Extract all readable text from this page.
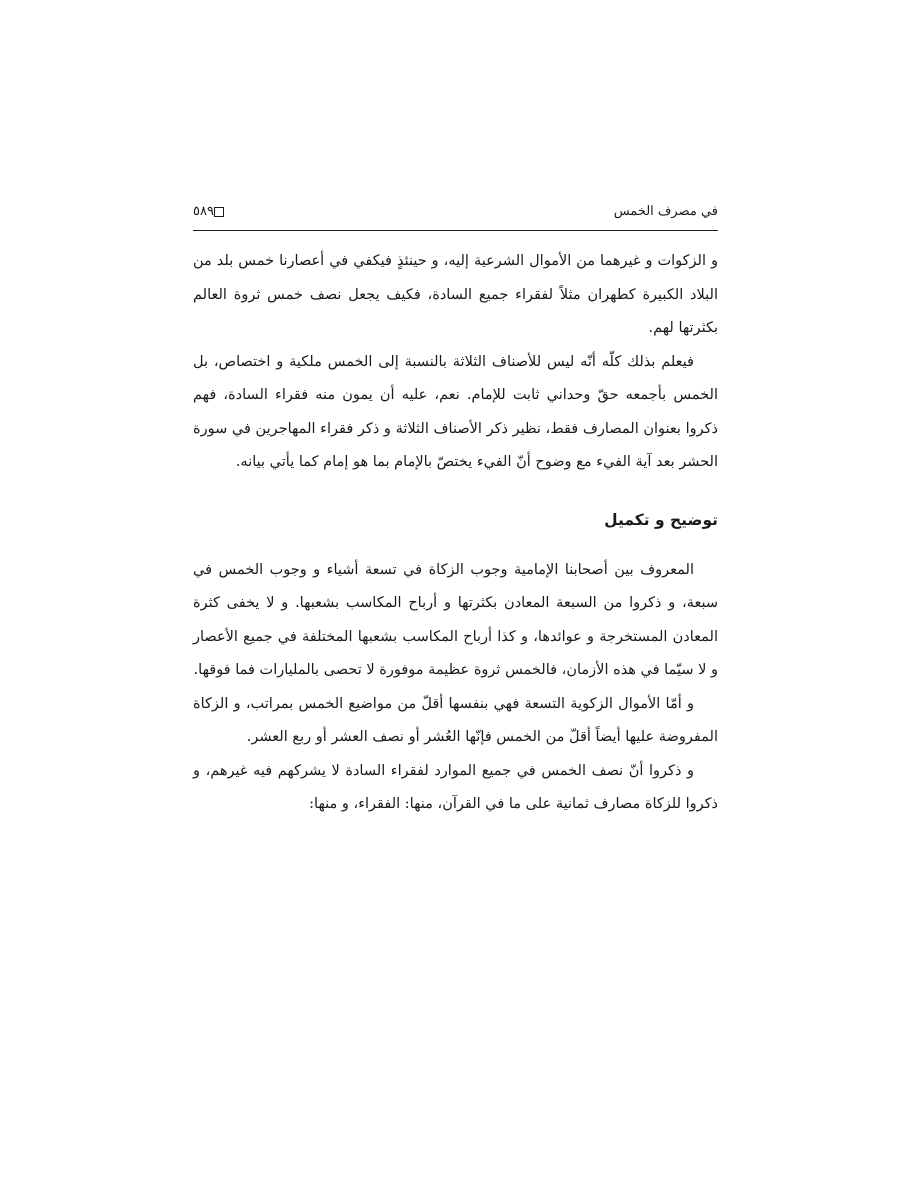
في مصرف الخمس
٥٨٩

و الزكوات و غيرهما من الأموال الشرعية إليه، و حينئذٍ فيكفي في أعصارنا خمس بلد من البلاد الكبيرة كطهران مثلاً لفقراء جميع السادة، فكيف يجعل نصف خمس ثروة العالم بكثرتها لهم.

فيعلم بذلك كلّه أنّه ليس للأصناف الثلاثة بالنسبة إلى الخمس ملكية و اختصاص، بل الخمس بأجمعه حقّ وحداني ثابت للإمام. نعم، عليه أن يمون منه فقراء السادة، فهم ذكروا بعنوان المصارف فقط، نظير ذكر الأصناف الثلاثة و ذكر فقراء المهاجرين في سورة الحشر بعد آية الفيء مع وضوح أنّ الفيء يختصّ بالإمام بما هو إمام كما يأتي بيانه.

توضيح و تكميل

المعروف بين أصحابنا الإمامية وجوب الزكاة في تسعة أشياء و وجوب الخمس في سبعة، و ذكروا من السبعة المعادن بكثرتها و أرباح المكاسب بشعبها. و لا يخفى كثرة المعادن المستخرجة و عوائدها، و كذا أرباح المكاسب بشعبها المختلفة في جميع الأعصار و لا سيّما في هذه الأزمان، فالخمس ثروة عظيمة موفورة لا تحصى بالمليارات فما فوقها.

و أمّا الأموال الزكوية التسعة فهي بنفسها أقلّ من مواضيع الخمس بمراتب، و الزكاة المفروضة عليها أيضاً أقلّ من الخمس فإنّها العُشر أو نصف العشر أو ربع العشر.

و ذكروا أنّ نصف الخمس في جميع الموارد لفقراء السادة لا يشركهم فيه غيرهم، و ذكروا للزكاة مصارف ثمانية على ما في القرآن، منها: الفقراء، و منها:
